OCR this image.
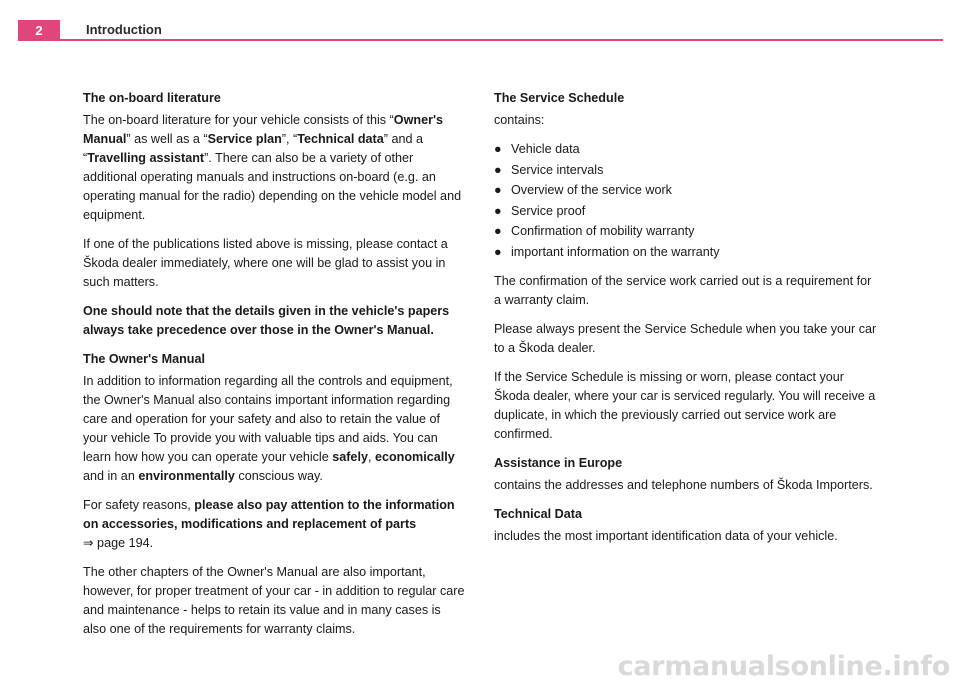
2	Introduction

The on-board literature

The on-board literature for your vehicle consists of this “Owner's Manual” as well as a “Service plan”, “Technical data” and a “Travelling assistant”. There can also be a variety of other additional operating manuals and instructions on-board (e.g. an operating manual for the radio) depending on the vehicle model and equipment.

If one of the publications listed above is missing, please contact a Škoda dealer immediately, where one will be glad to assist you in such matters.

One should note that the details given in the vehicle's papers always take precedence over those in the Owner's Manual.

The Owner's Manual

In addition to information regarding all the controls and equipment, the Owner's Manual also contains important information regarding care and operation for your safety and also to retain the value of your vehicle To provide you with valuable tips and aids. You can learn how how you can operate your vehicle safely, economically and in an environmentally conscious way.

For safety reasons, please also pay attention to the information on accessories, modifications and replacement of parts
⇒ page 194.

The other chapters of the Owner's Manual are also important, however, for proper treatment of your car - in addition to regular care and maintenance - helps to retain its value and in many cases is also one of the requirements for warranty claims.

The Service Schedule

contains:

● Vehicle data
● Service intervals
● Overview of the service work
● Service proof
● Confirmation of mobility warranty
● important information on the warranty

The confirmation of the service work carried out is a requirement for a warranty claim.

Please always present the Service Schedule when you take your car to a Škoda dealer.

If the Service Schedule is missing or worn, please contact your Škoda dealer, where your car is serviced regularly. You will receive a duplicate, in which the previously carried out service work are confirmed.

Assistance in Europe

contains the addresses and telephone numbers of Škoda Importers.

Technical Data

includes the most important identification data of your vehicle.

carmanualsonline.info
